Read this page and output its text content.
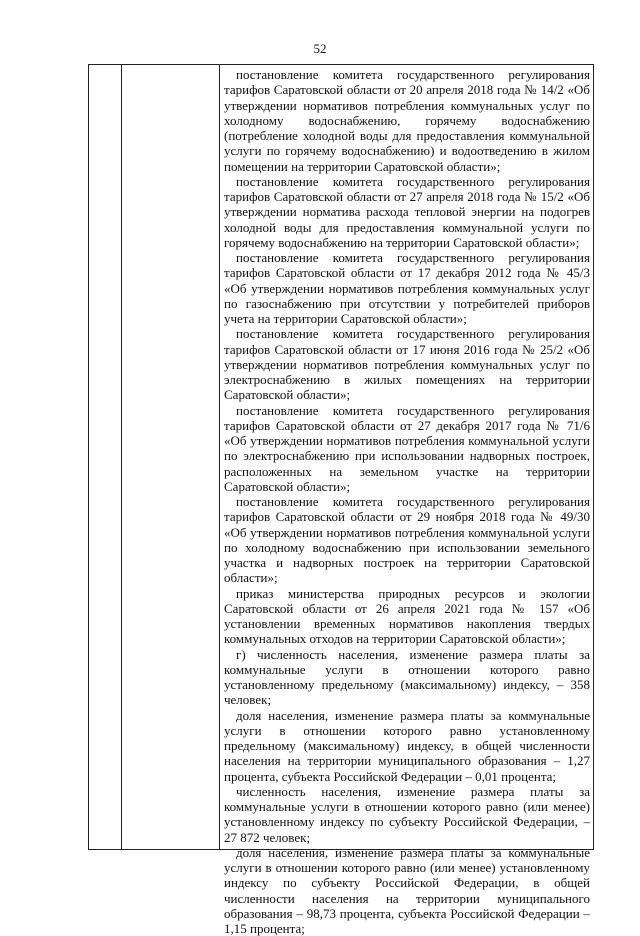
52

постановление комитета государственного регулирования тарифов Саратовской области от 20 апреля 2018 года № 14/2 «Об утверждении нормативов потребления коммунальных услуг по холодному водоснабжению, горячему водоснабжению (потребление холодной воды для предоставления коммунальной услуги по горячему водоснабжению) и водоотведению в жилом помещении на территории Саратовской области»;

постановление комитета государственного регулирования тарифов Саратовской области от 27 апреля 2018 года № 15/2 «Об утверждении норматива расхода тепловой энергии на подогрев холодной воды для предоставления коммунальной услуги по горячему водоснабжению на территории Саратовской области»;

постановление комитета государственного регулирования тарифов Саратовской области от 17 декабря 2012 года № 45/3 «Об утверждении нормативов потребления коммунальных услуг по газоснабжению при отсутствии у потребителей приборов учета на территории Саратовской области»;

постановление комитета государственного регулирования тарифов Саратовской области от 17 июня 2016 года № 25/2 «Об утверждении нормативов потребления коммунальных услуг по электроснабжению в жилых помещениях на территории Саратовской области»;

постановление комитета государственного регулирования тарифов Саратовской области от 27 декабря 2017 года № 71/6 «Об утверждении нормативов потребления коммунальной услуги по электроснабжению при использовании надворных построек, расположенных на земельном участке на территории Саратовской области»;

постановление комитета государственного регулирования тарифов Саратовской области от 29 ноября 2018 года № 49/30 «Об утверждении нормативов потребления коммунальной услуги по холодному водоснабжению при использовании земельного участка и надворных построек на территории Саратовской области»;

приказ министерства природных ресурсов и экологии Саратовской области от 26 апреля 2021 года № 157 «Об установлении временных нормативов накопления твердых коммунальных отходов на территории Саратовской области»;

г) численность населения, изменение размера платы за коммунальные услуги в отношении которого равно установленному предельному (максимальному) индексу, – 358 человек;

доля населения, изменение размера платы за коммунальные услуги в отношении которого равно установленному предельному (максимальному) индексу, в общей численности населения на территории муниципального образования – 1,27 процента, субъекта Российской Федерации – 0,01 процента;

численность населения, изменение размера платы за коммунальные услуги в отношении которого равно (или менее) установленному индексу по субъекту Российской Федерации, – 27 872 человек;

доля населения, изменение размера платы за коммунальные услуги в отношении которого равно (или менее) установленному индексу по субъекту Российской Федерации, в общей численности населения на территории муниципального образования – 98,73 процента, субъекта Российской Федерации – 1,15 процента;
